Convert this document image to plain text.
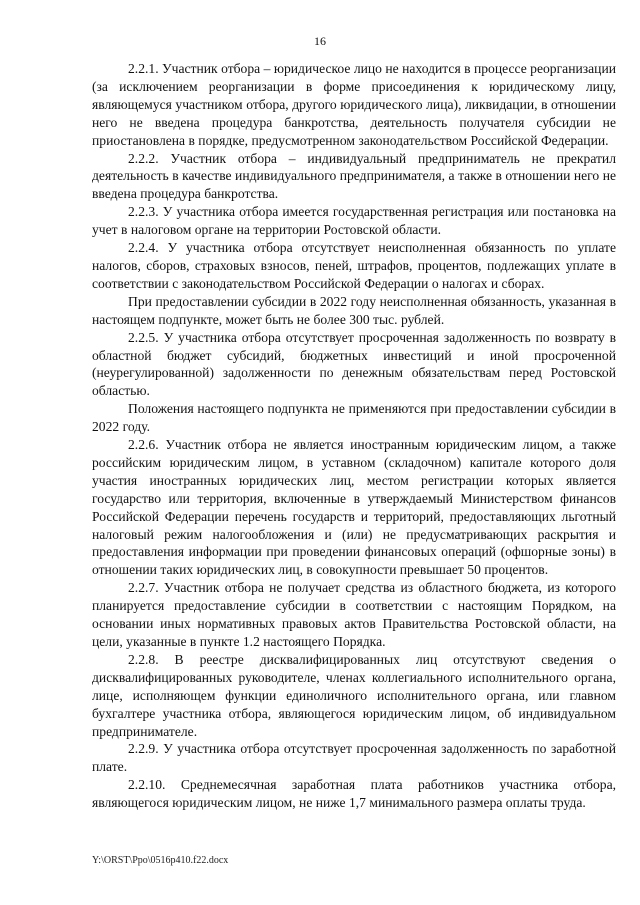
16

2.2.1. Участник отбора – юридическое лицо не находится в процессе реорганизации (за исключением реорганизации в форме присоединения к юридическому лицу, являющемуся участником отбора, другого юридического лица), ликвидации, в отношении него не введена процедура банкротства, деятельность получателя субсидии не приостановлена в порядке, предусмотренном законодательством Российской Федерации.

2.2.2. Участник отбора – индивидуальный предприниматель не прекратил деятельность в качестве индивидуального предпринимателя, а также в отношении него не введена процедура банкротства.

2.2.3. У участника отбора имеется государственная регистрация или постановка на учет в налоговом органе на территории Ростовской области.

2.2.4. У участника отбора отсутствует неисполненная обязанность по уплате налогов, сборов, страховых взносов, пеней, штрафов, процентов, подлежащих уплате в соответствии с законодательством Российской Федерации о налогах и сборах.

При предоставлении субсидии в 2022 году неисполненная обязанность, указанная в настоящем подпункте, может быть не более 300 тыс. рублей.

2.2.5. У участника отбора отсутствует просроченная задолженность по возврату в областной бюджет субсидий, бюджетных инвестиций и иной просроченной (неурегулированной) задолженности по денежным обязательствам перед Ростовской областью.

Положения настоящего подпункта не применяются при предоставлении субсидии в 2022 году.

2.2.6. Участник отбора не является иностранным юридическим лицом, а также российским юридическим лицом, в уставном (складочном) капитале которого доля участия иностранных юридических лиц, местом регистрации которых является государство или территория, включенные в утверждаемый Министерством финансов Российской Федерации перечень государств и территорий, предоставляющих льготный налоговый режим налогообложения и (или) не предусматривающих раскрытия и предоставления информации при проведении финансовых операций (офшорные зоны) в отношении таких юридических лиц, в совокупности превышает 50 процентов.

2.2.7. Участник отбора не получает средства из областного бюджета, из которого планируется предоставление субсидии в соответствии с настоящим Порядком, на основании иных нормативных правовых актов Правительства Ростовской области, на цели, указанные в пункте 1.2 настоящего Порядка.

2.2.8. В реестре дисквалифицированных лиц отсутствуют сведения о дисквалифицированных руководителе, членах коллегиального исполнительного органа, лице, исполняющем функции единоличного исполнительного органа, или главном бухгалтере участника отбора, являющегося юридическим лицом, об индивидуальном предпринимателе.

2.2.9. У участника отбора отсутствует просроченная задолженность по заработной плате.

2.2.10. Среднемесячная заработная плата работников участника отбора, являющегося юридическим лицом, не ниже 1,7 минимального размера оплаты труда.

Y:\ORST\Ppo\0516p410.f22.docx
